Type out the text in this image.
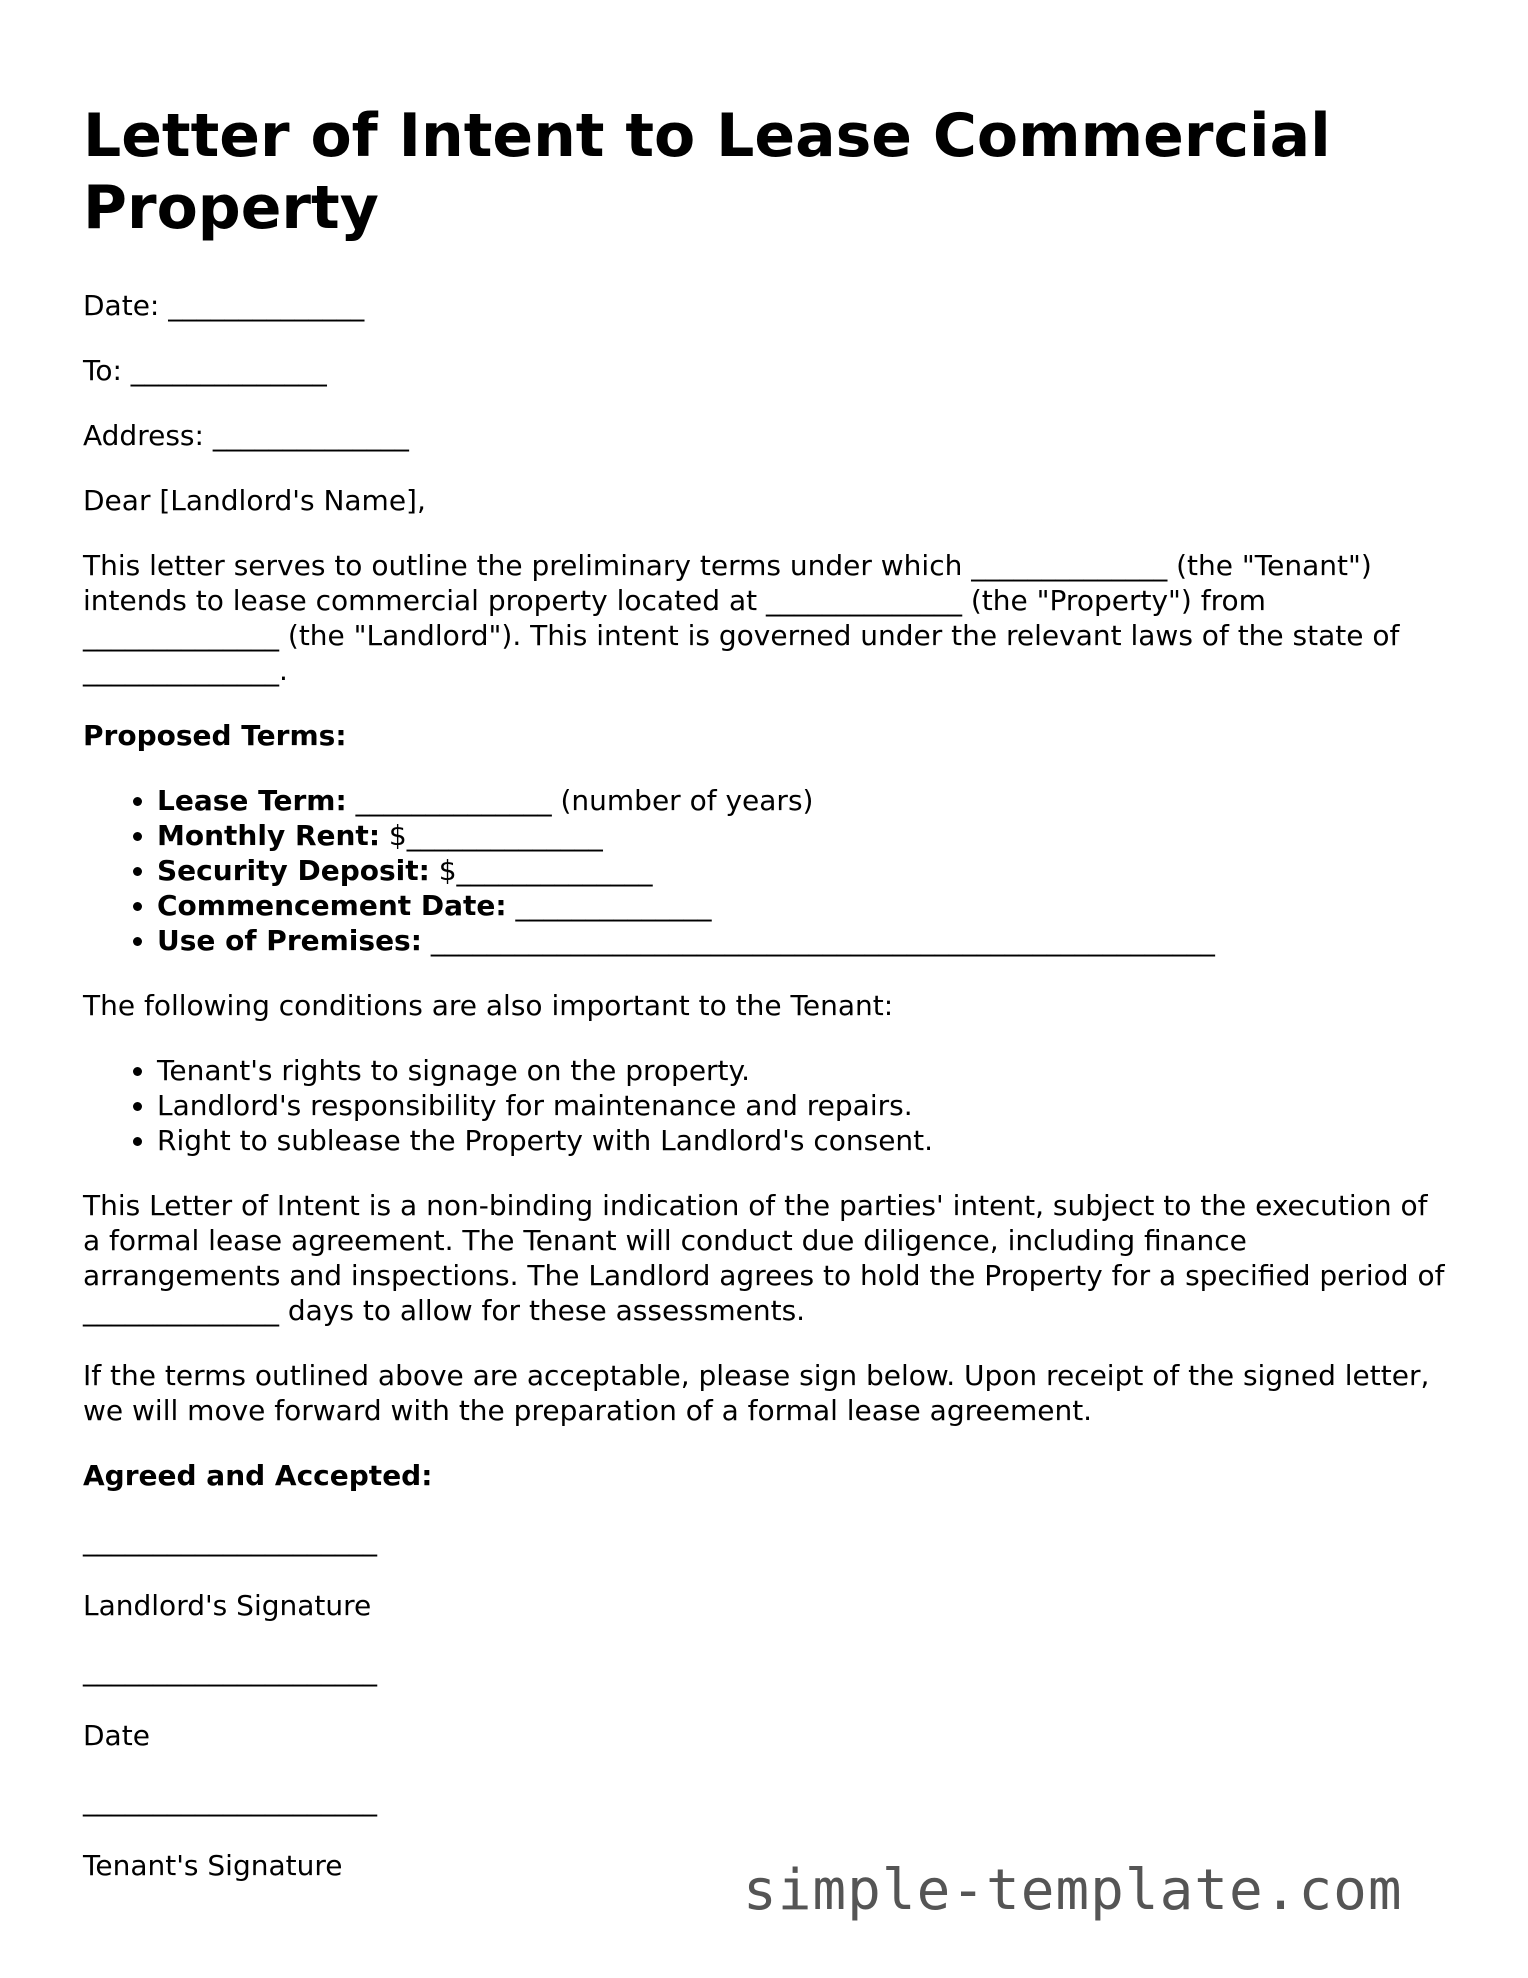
Letter of Intent to Lease Commercial Property

Date: ______________

To: ______________

Address: ______________

Dear [Landlord's Name],

This letter serves to outline the preliminary terms under which ______________ (the "Tenant") intends to lease commercial property located at ______________ (the "Property") from ______________ (the "Landlord"). This intent is governed under the relevant laws of the state of ______________.

Proposed Terms:

• Lease Term: ______________ (number of years)
• Monthly Rent: $______________
• Security Deposit: $______________
• Commencement Date: ______________
• Use of Premises: ________________________________________________________

The following conditions are also important to the Tenant:

• Tenant's rights to signage on the property.
• Landlord's responsibility for maintenance and repairs.
• Right to sublease the Property with Landlord's consent.

This Letter of Intent is a non-binding indication of the parties' intent, subject to the execution of a formal lease agreement. The Tenant will conduct due diligence, including finance arrangements and inspections. The Landlord agrees to hold the Property for a specified period of ______________ days to allow for these assessments.

If the terms outlined above are acceptable, please sign below. Upon receipt of the signed letter, we will move forward with the preparation of a formal lease agreement.

Agreed and Accepted:

_____________________

Landlord's Signature

_____________________

Date

_____________________

Tenant's Signature	simple-template.com
